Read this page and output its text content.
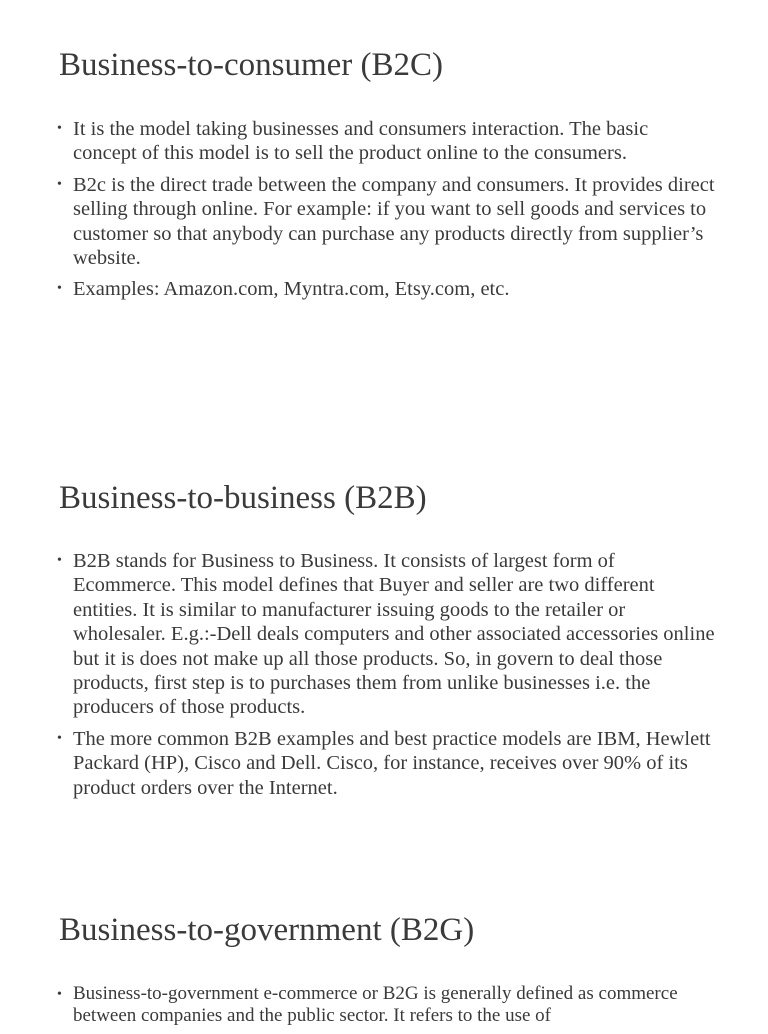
Business-to-consumer (B2C)
• It is the model taking businesses and consumers interaction. The basic concept of this model is to sell the product online to the consumers.
• B2c is the direct trade between the company and consumers. It provides direct selling through online. For example: if you want to sell goods and services to customer so that anybody can purchase any products directly from supplier’s website.
• Examples: Amazon.com, Myntra.com, Etsy.com, etc.
Business-to-business (B2B)
• B2B stands for Business to Business. It consists of largest form of Ecommerce. This model defines that Buyer and seller are two different entities. It is similar to manufacturer issuing goods to the retailer or wholesaler. E.g.:-Dell deals computers and other associated accessories online but it is does not make up all those products. So, in govern to deal those products, first step is to purchases them from unlike businesses i.e. the producers of those products.
• The more common B2B examples and best practice models are IBM, Hewlett Packard (HP), Cisco and Dell. Cisco, for instance, receives over 90% of its product orders over the Internet.
Business-to-government (B2G)
• Business-to-government e-commerce or B2G is generally defined as commerce between companies and the public sector. It refers to the use of
